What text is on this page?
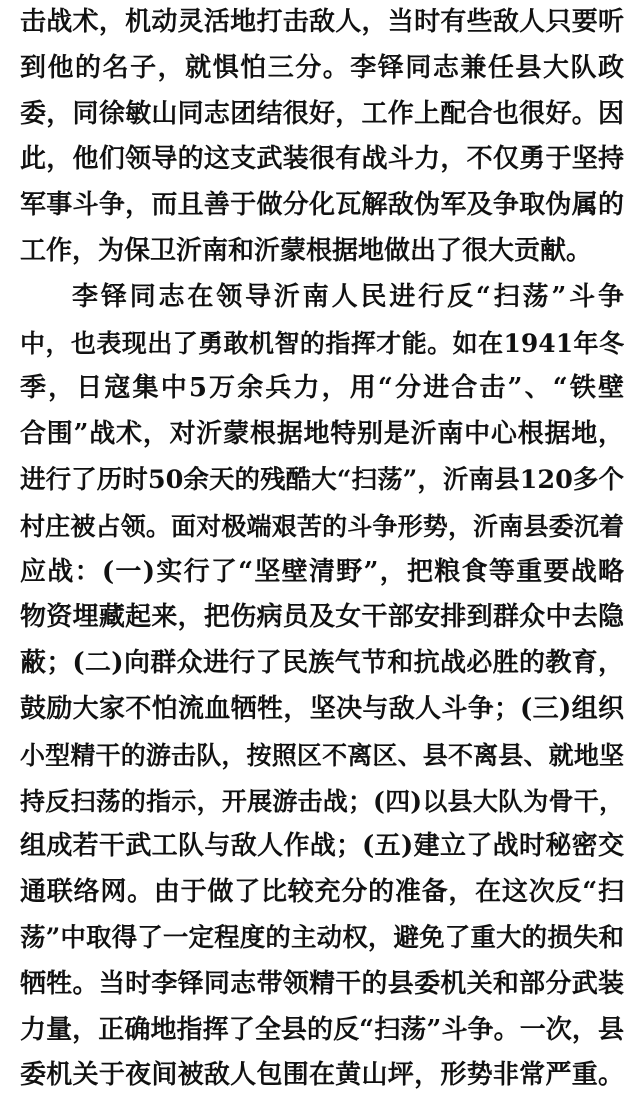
击战术，机动灵活地打击敌人，当时有些敌人只要听
到他的名子，就惧怕三分。李铎同志兼任县大队政
委，同徐敏山同志团结很好，工作上配合也很好。因
此，他们领导的这支武装很有战斗力，不仅勇于坚持
军事斗争，而且善于做分化瓦解敌伪军及争取伪属的
工作，为保卫沂南和沂蒙根据地做出了很大贡献。
李铎同志在领导沂南人民进行反“扫荡”斗争
中，也表现出了勇敢机智的指挥才能。如在1941年冬
季，日寇集中5万余兵力，用“分进合击”、“铁壁
合围”战术，对沂蒙根据地特别是沂南中心根据地，
进行了历时50余天的残酷大“扫荡”，沂南县120多个
村庄被占领。面对极端艰苦的斗争形势，沂南县委沉着
应战：(一)实行了“坚壁清野”，把粮食等重要战略
物资埋藏起来，把伤病员及女干部安排到群众中去隐
蔽；(二)向群众进行了民族气节和抗战必胜的教育，
鼓励大家不怕流血牺牲，坚决与敌人斗争；(三)组织
小型精干的游击队，按照区不离区、县不离县、就地坚
持反扫荡的指示，开展游击战；(四)以县大队为骨干，
组成若干武工队与敌人作战；(五)建立了战时秘密交
通联络网。由于做了比较充分的准备，在这次反“扫
荡”中取得了一定程度的主动权，避免了重大的损失和
牺牲。当时李铎同志带领精干的县委机关和部分武装
力量，正确地指挥了全县的反“扫荡”斗争。一次，县
委机关于夜间被敌人包围在黄山坪，形势非常严重。
